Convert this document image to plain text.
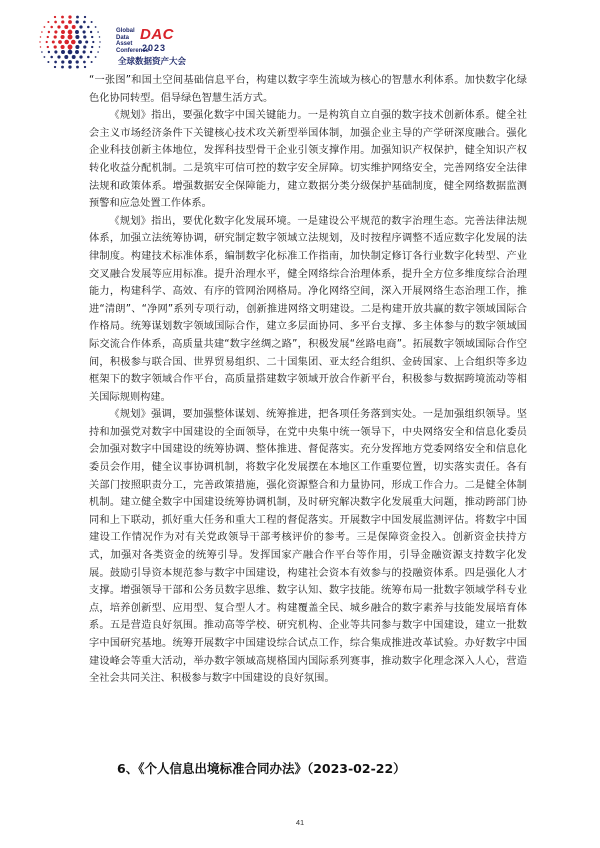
Global
Data
Asset
Conference
DAC
2023
全球数据资产大会

“一张图”和国土空间基础信息平台，构建以数字孪生流域为核心的智慧水利体系。加快数字化绿色化协同转型。倡导绿色智慧生活方式。

《规划》指出，要强化数字中国关键能力。一是构筑自立自强的数字技术创新体系。健全社会主义市场经济条件下关键核心技术攻关新型举国体制，加强企业主导的产学研深度融合。强化企业科技创新主体地位，发挥科技型骨干企业引领支撑作用。加强知识产权保护，健全知识产权转化收益分配机制。二是筑牢可信可控的数字安全屏障。切实维护网络安全，完善网络安全法律法规和政策体系。增强数据安全保障能力，建立数据分类分级保护基础制度，健全网络数据监测预警和应急处置工作体系。

《规划》指出，要优化数字化发展环境。一是建设公平规范的数字治理生态。完善法律法规体系，加强立法统筹协调，研究制定数字领域立法规划，及时按程序调整不适应数字化发展的法律制度。构建技术标准体系，编制数字化标准工作指南，加快制定修订各行业数字化转型、产业交叉融合发展等应用标准。提升治理水平，健全网络综合治理体系，提升全方位多维度综合治理能力，构建科学、高效、有序的管网治网格局。净化网络空间，深入开展网络生态治理工作，推进“清朗”、“净网”系列专项行动，创新推进网络文明建设。二是构建开放共赢的数字领域国际合作格局。统筹谋划数字领域国际合作，建立多层面协同、多平台支撑、多主体参与的数字领域国际交流合作体系，高质量共建“数字丝绸之路”，积极发展“丝路电商”。拓展数字领域国际合作空间，积极参与联合国、世界贸易组织、二十国集团、亚太经合组织、金砖国家、上合组织等多边框架下的数字领域合作平台，高质量搭建数字领域开放合作新平台，积极参与数据跨境流动等相关国际规则构建。

《规划》强调，要加强整体谋划、统筹推进，把各项任务落到实处。一是加强组织领导。坚持和加强党对数字中国建设的全面领导，在党中央集中统一领导下，中央网络安全和信息化委员会加强对数字中国建设的统筹协调、整体推进、督促落实。充分发挥地方党委网络安全和信息化委员会作用，健全议事协调机制，将数字化发展摆在本地区工作重要位置，切实落实责任。各有关部门按照职责分工，完善政策措施，强化资源整合和力量协同，形成工作合力。二是健全体制机制。建立健全数字中国建设统筹协调机制，及时研究解决数字化发展重大问题，推动跨部门协同和上下联动，抓好重大任务和重大工程的督促落实。开展数字中国发展监测评估。将数字中国建设工作情况作为对有关党政领导干部考核评价的参考。三是保障资金投入。创新资金扶持方式，加强对各类资金的统筹引导。发挥国家产融合作平台等作用，引导金融资源支持数字化发展。鼓励引导资本规范参与数字中国建设，构建社会资本有效参与的投融资体系。四是强化人才支撑。增强领导干部和公务员数字思维、数字认知、数字技能。统筹布局一批数字领域学科专业点，培养创新型、应用型、复合型人才。构建覆盖全民、城乡融合的数字素养与技能发展培育体系。五是营造良好氛围。推动高等学校、研究机构、企业等共同参与数字中国建设，建立一批数字中国研究基地。统筹开展数字中国建设综合试点工作，综合集成推进改革试验。办好数字中国建设峰会等重大活动，举办数字领域高规格国内国际系列赛事，推动数字化理念深入人心，营造全社会共同关注、积极参与数字中国建设的良好氛围。

6、《个人信息出境标准合同办法》（2023-02-22）
41
